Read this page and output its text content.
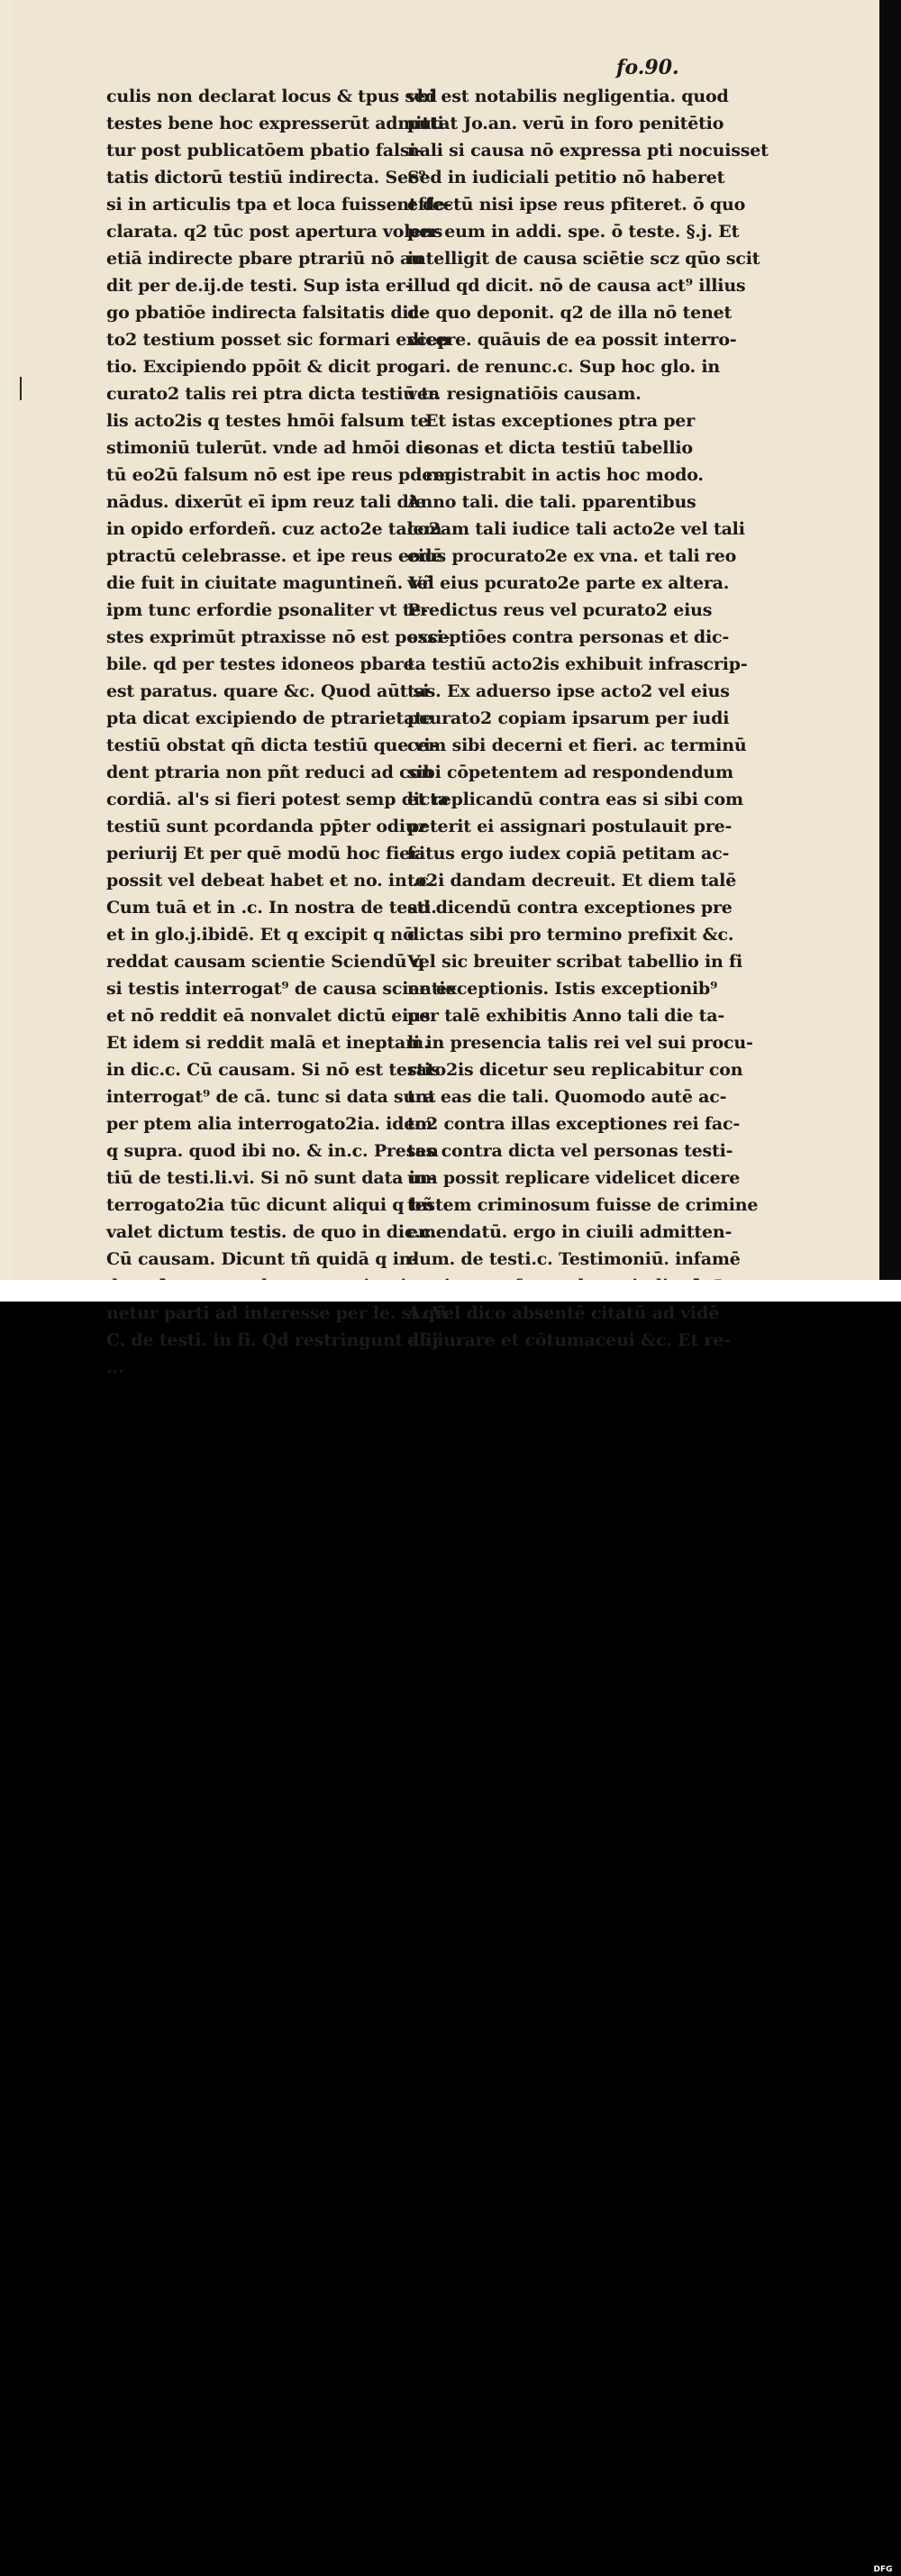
fo.90.
culis non declarat locus & tpus sed
testes bene hoc expresserūt admitti
tur post publicatōem pbatio falsi-
tatis dictorū testiū indirecta. Sec⁹
si in articulis tpa et loca fuissent de-
clarata. q2 tūc post apertura volens
etiā indirecte pbare ptrariū nō au
dit per de.ij.de testi. Sup ista er-
go pbatiōe indirecta falsitatis dic-
to2 testium posset sic formari excep
tio. Excipiendo ppōit & dicit pro
curato2 talis rei ptra dicta testiū ta
lis acto2is q testes hmōi falsum te
stimoniū tulerūt. vnde ad hmōi dic
tū eo2ū falsum nō est ipe reus pdem
nādus. dixerūt eī ipm reuz tali die
in opido erfordeñ. cuz acto2e talem
ptractū celebrasse. et ipe reus eodē
die fuit in ciuitate maguntineñ. Vñ
ipm tunc erfordie psonaliter vt te-
stes exprimūt ptraxisse nō est possi-
bile. qd per testes idoneos pbare
est paratus. quare &c. Quod aūt si
pta dicat excipiendo de ptrarietate
testiū obstat qñ dicta testiū que vi-
dent ptraria non pñt reduci ad con
cordiā. al's si fieri potest semp dicta
testiū sunt pcordanda pp̄ter odiuz
periurij Et per quē modū hoc fieri
possit vel debeat habet et no. in .c.
Cum tuā et in .c. In nostra de testi.
et in glo.j.ibidē. Et q excipit q nō
reddat causam scientie Sciendū q
si testis interrogat⁹ de causa scientie
et nō reddit eā nonvalet dictū eius
Et idem si reddit malā et ineptam.
in dic.c. Cū causam. Si nō est testis
interrogat⁹ de cā. tunc si data sunt
per ptem alia interrogato2ia. idem
q supra. quod ibi no. & in.c. Presen
tiū de testi.li.vi. Si nō sunt data in-
terrogato2ia tūc dicunt aliqui q bñ
valet dictum testis. de quo in dic.c.
Cū causam. Dicunt tñ quidā q in-
netur parti ad interesse per le. si qñ
C. de testi. in fi. Qd restringunt alij
...
vbi est notabilis negligentia. quod
putat Jo.an. verū in foro penitētio
nali si causa nō expressa pti nocuisset
Sed in iudiciali petitio nō haberet
effectū nisi ipse reus pfiteret. ō quo
per eum in addi. spe. ō teste. §.j. Et
intelligit de causa sciētie scz qūo scit
illud qd dicit. nō de causa act⁹ illius
de quo deponit. q2 de illa nō tenet
dicere. quāuis de ea possit interro-
gari. de renunc.c. Sup hoc glo. in
ver. resignatiōis causam.
Et istas exceptiones ptra per
sonas et dicta testiū tabellio
registrabit in actis hoc modo.
Anno tali. die tali. pparentibus
co2am tali iudice tali acto2e vel tali
eius procurato2e ex vna. et tali reo
vel eius pcurato2e parte ex altera.
Predictus reus vel pcurato2 eius
exceptiōes contra personas et dic-
ta testiū acto2is exhibuit infrascrip-
tas. Ex aduerso ipse acto2 vel eius
pcurato2 copiam ipsarum per iudi
cem sibi decerni et fieri. ac terminū
sibi cōpetentem ad respondendum
et replicandū contra eas si sibi com
peterit ei assignari postulauit pre-
fatus ergo iudex copiā petitam ac-
to2i dandam decreuit. Et diem talē
ad dicendū contra exceptiones pre
dictas sibi pro termino prefixit &c.
Vel sic breuiter scribat tabellio in fi
ne exceptionis. Istis exceptionib⁹
per talē exhibitis Anno tali die ta-
li in presencia talis rei vel sui procu-
rato2is dicetur seu replicabitur con
tra eas die tali. Quomodo autē ac-
to2 contra illas exceptiones rei fac-
tas contra dicta vel personas testi-
um possit replicare videlicet dicere
testem criminosum fuisse de crimine
emendatū. ergo in ciuili admitten-
dum. de testi.c. Testimoniū. infamē
A. Vel dico absentē citatū ad vidē
dū iurare et cōtumaceui &c. Et re-
Digitalisierung gefördert durch die Deutsche Forschungsgemeinschaft -	DFG
